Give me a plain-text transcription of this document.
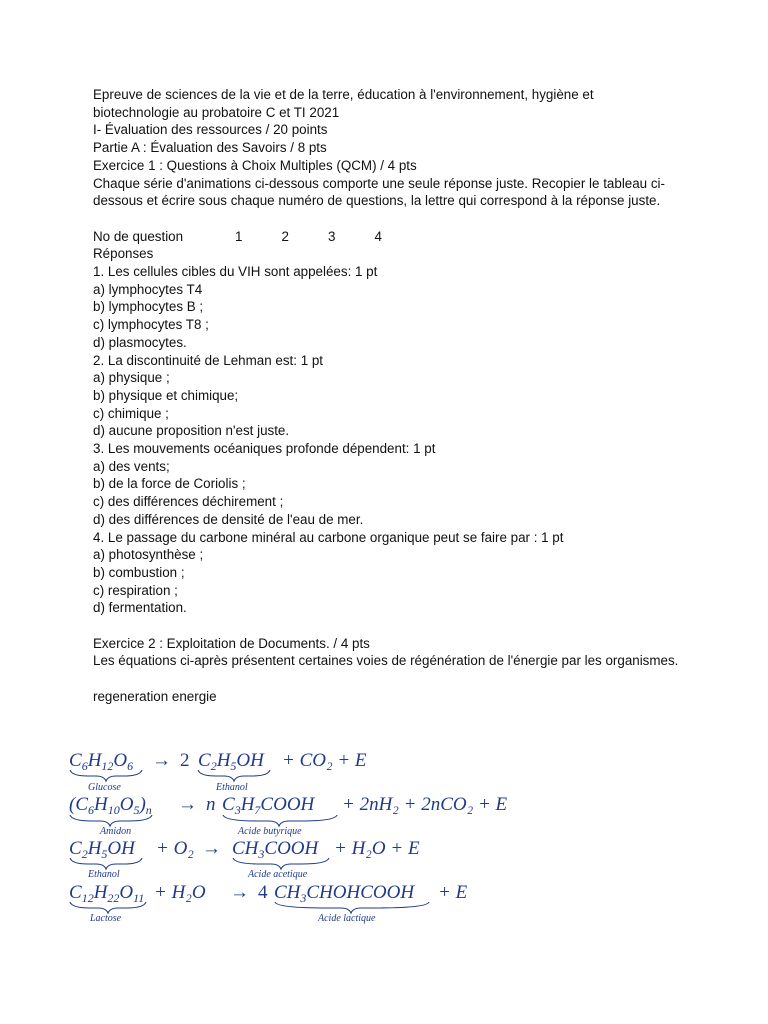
Epreuve de sciences de la vie et de la terre, éducation à l'environnement, hygiène et
biotechnologie au probatoire C et TI 2021
I- Évaluation des ressources / 20 points
Partie A : Évaluation des Savoirs / 8 pts
Exercice 1 : Questions à Choix Multiples (QCM) / 4 pts
Chaque série d'animations ci-dessous comporte une seule réponse juste. Recopier le tableau ci-dessous et écrire sous chaque numéro de questions, la lettre qui correspond à la réponse juste.
No de question	1	2	3	4
Réponses
1. Les cellules cibles du VIH sont appelées: 1 pt
a) lymphocytes T4
b) lymphocytes B ;
c) lymphocytes T8 ;
d) plasmocytes.
2. La discontinuité de Lehman est: 1 pt
a) physique ;
b) physique et chimique;
c) chimique ;
d) aucune proposition n'est juste.
3. Les mouvements océaniques profonde dépendent: 1 pt
a) des vents;
b) de la force de Coriolis ;
c) des différences déchirement ;
d) des différences de densité de l'eau de mer.
4. Le passage du carbone minéral au carbone organique peut se faire par : 1 pt
a) photosynthèse ;
b) combustion ;
c) respiration ;
d) fermentation.
Exercice 2 : Exploitation de Documents. / 4 pts
Les équations ci-après présentent certaines voies de régénération de l'énergie par les organismes.
regeneration energie
$C_6H_{12}O_6$
Glucose
→ 2 $C_2H_5OH$
Ethanol
+ CO₂ + E
$(C_6H_{10}O_5)_n$
Amidon
→ n $C_3H_7COOH$
Acide butyrique
+ 2nH₂ + 2nCO₂ + E
$C_2H_5OH$
Ethanol
+ $O_2 \to CH_3COOH$
Acide acetique
+ H₂O + E
$C_{12}H_{22}O_{11}$
Lactose
+ H₂O → 4 $CH_3CHOHCOOH$
Acide lactique
+ E
